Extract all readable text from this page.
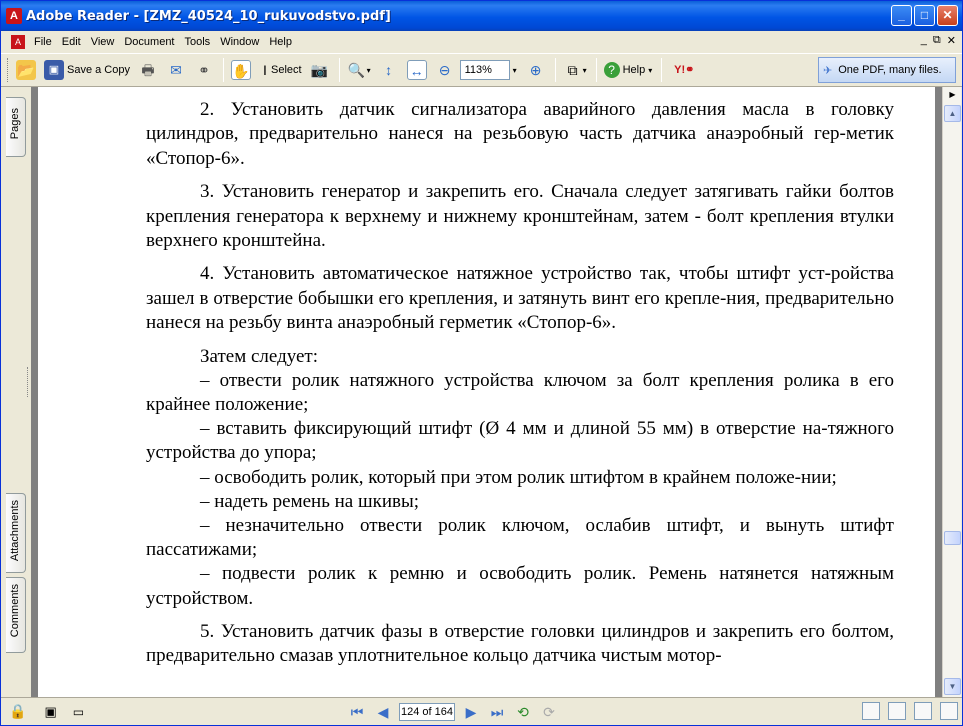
A Adobe Reader - [ZMZ_40524_10_rukuvodstvo.pdf]	_	□	✕
A	File Edit View Document Tools Window Help	_ ⧉ ✕
📂	▣ Save a Copy 🖶 ✉ ⚭ ✋ I Select 📷 🔍 ▾	↕	↔ ⊖	113%	▾ ⊕	⧉ ▾	? Help ▾	Y!⚭	✈ One PDF, many files.
Pages
Attachments
Comments

2. Установить датчик сигнализатора аварийного давления масла в головку цилиндров, предварительно нанеся на резьбовую часть датчика анаэробный гер-метик «Стопор-6».

3. Установить генератор и закрепить его. Сначала следует затягивать гайки болтов крепления генератора к верхнему и нижнему кронштейнам, затем - болт крепления втулки верхнего кронштейна.

4. Установить автоматическое натяжное устройство так, чтобы штифт уст-ройства зашел в отверстие бобышки его крепления, и затянуть винт его крепле-ния, предварительно нанеся на резьбу винта анаэробный герметик «Стопор-6».

Затем следует:

– отвести ролик натяжного устройства ключом за болт крепления ролика в его крайнее положение;

– вставить фиксирующий штифт (Ø 4 мм и длиной 55 мм) в отверстие на-тяжного устройства до упора;

– освободить ролик, который при этом ролик штифтом в крайнем положе-нии;

– надеть ремень на шкивы;

– незначительно отвести ролик ключом, ослабив штифт, и вынуть штифт пассатижами;

– подвести ролик к ремню и освободить ролик. Ремень натянется натяжным устройством.

5. Установить датчик фазы в отверстие головки цилиндров и закрепить его болтом, предварительно смазав уплотнительное кольцо датчика чистым мотор-

▶
▲
▼
🔒 ▣ ▭	⏮	◀	124 of 164 ▶	⏭ ⟲ ⟳
